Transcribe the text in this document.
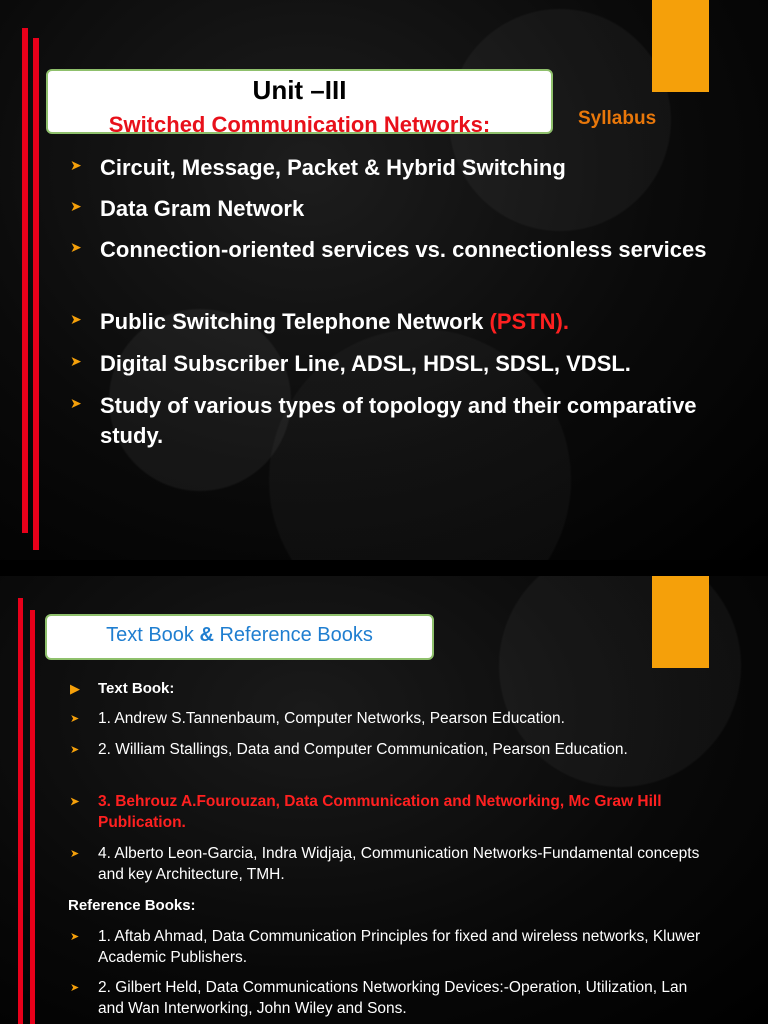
Unit –III
Switched Communication Networks:	Syllabus
➤ Circuit, Message, Packet & Hybrid Switching
➤ Data Gram Network
➤ Connection-oriented services vs. connectionless services
➤ Public Switching Telephone Network (PSTN).
➤ Digital Subscriber Line, ADSL, HDSL, SDSL, VDSL.
➤ Study of various types of topology and their comparative study.
Text Book & Reference Books
▶ Text Book:
➤ 1. Andrew S.Tannenbaum, Computer Networks, Pearson Education.
➤ 2. William Stallings, Data and Computer Communication, Pearson Education.
➤ 3. Behrouz A.Fourouzan, Data Communication and Networking, Mc Graw Hill Publication.
➤ 4. Alberto Leon-Garcia, Indra Widjaja, Communication Networks-Fundamental concepts and key Architecture, TMH.
Reference Books:
➤ 1. Aftab Ahmad, Data Communication Principles for fixed and wireless networks, Kluwer Academic Publishers.
➤ 2. Gilbert Held, Data Communications Networking Devices:-Operation, Utilization, Lan and Wan Interworking, John Wiley and Sons.
